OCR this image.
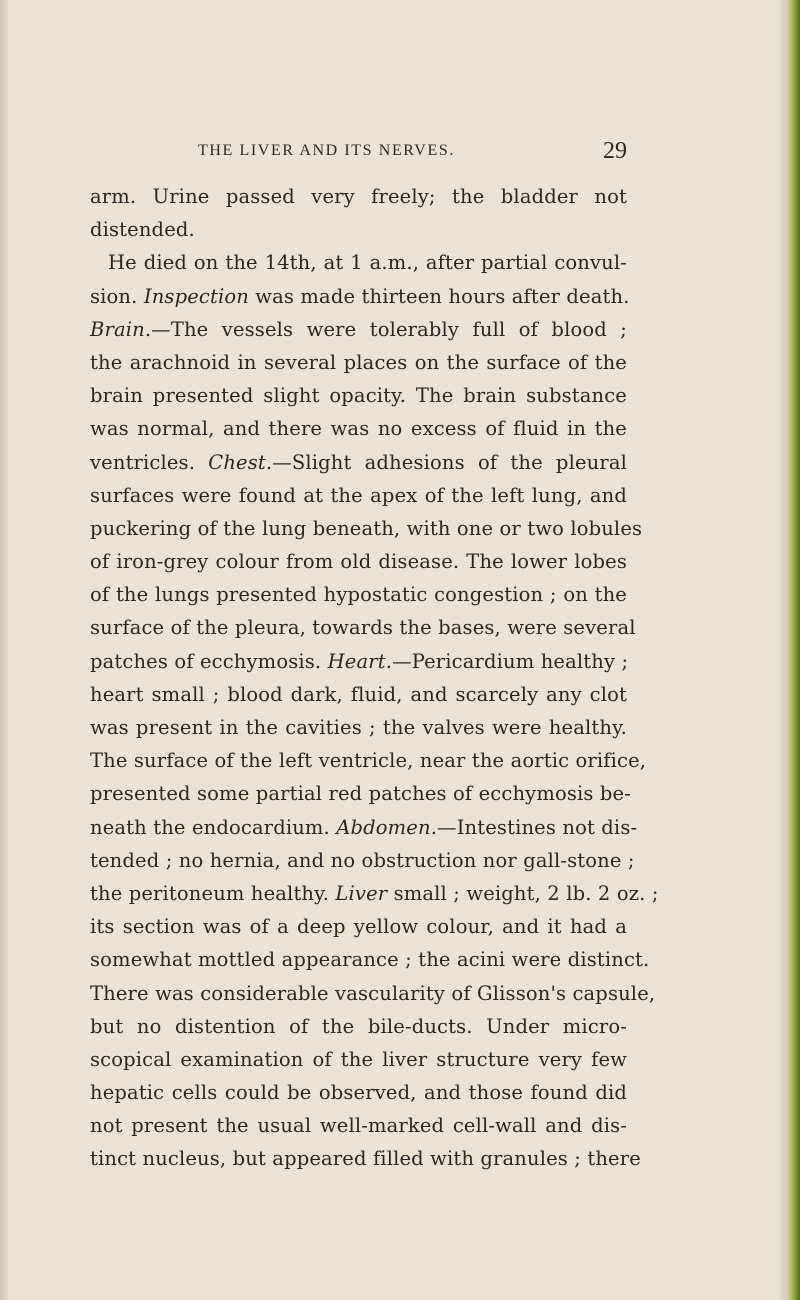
THE LIVER AND ITS NERVES.	29
arm. Urine passed very freely; the bladder not
distended.
He died on the 14th, at 1 a.m., after partial convul-
sion. Inspection was made thirteen hours after death.
Brain.—The vessels were tolerably full of blood ;
the arachnoid in several places on the surface of the
brain presented slight opacity. The brain substance
was normal, and there was no excess of fluid in the
ventricles. Chest.—Slight adhesions of the pleural
surfaces were found at the apex of the left lung, and
puckering of the lung beneath, with one or two lobules
of iron-grey colour from old disease. The lower lobes
of the lungs presented hypostatic congestion ; on the
surface of the pleura, towards the bases, were several
patches of ecchymosis. Heart.—Pericardium healthy ;
heart small ; blood dark, fluid, and scarcely any clot
was present in the cavities ; the valves were healthy.
The surface of the left ventricle, near the aortic orifice,
presented some partial red patches of ecchymosis be-
neath the endocardium. Abdomen.—Intestines not dis-
tended ; no hernia, and no obstruction nor gall-stone ;
the peritoneum healthy. Liver small ; weight, 2 lb. 2 oz. ;
its section was of a deep yellow colour, and it had a
somewhat mottled appearance ; the acini were distinct.
There was considerable vascularity of Glisson's capsule,
but no distention of the bile-ducts. Under micro-
scopical examination of the liver structure very few
hepatic cells could be observed, and those found did
not present the usual well-marked cell-wall and dis-
tinct nucleus, but appeared filled with granules ; there
